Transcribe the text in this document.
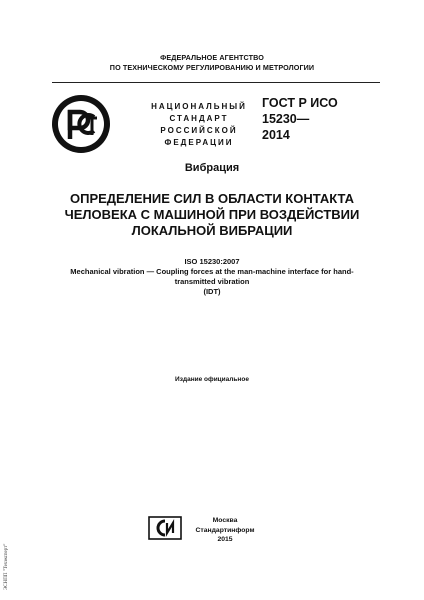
ФЕДЕРАЛЬНОЕ АГЕНТСТВО
ПО ТЕХНИЧЕСКОМУ РЕГУЛИРОВАНИЮ И МЕТРОЛОГИИ
НАЦИОНАЛЬНЫЙ
СТАНДАРТ
РОССИЙСКОЙ
ФЕДЕРАЦИИ
ГОСТ Р ИСО
15230—
2014
Вибрация
ОПРЕДЕЛЕНИЕ СИЛ В ОБЛАСТИ КОНТАКТА
ЧЕЛОВЕКА С МАШИНОЙ ПРИ ВОЗДЕЙСТВИИ
ЛОКАЛЬНОЙ ВИБРАЦИИ
ISO 15230:2007
Mechanical vibration — Coupling forces at the man-machine interface for hand-
transmitted vibration
(IDT)
Издание официальное
Москва
Стандартинформ
2015
ЭСНПП "Техэксперт"
